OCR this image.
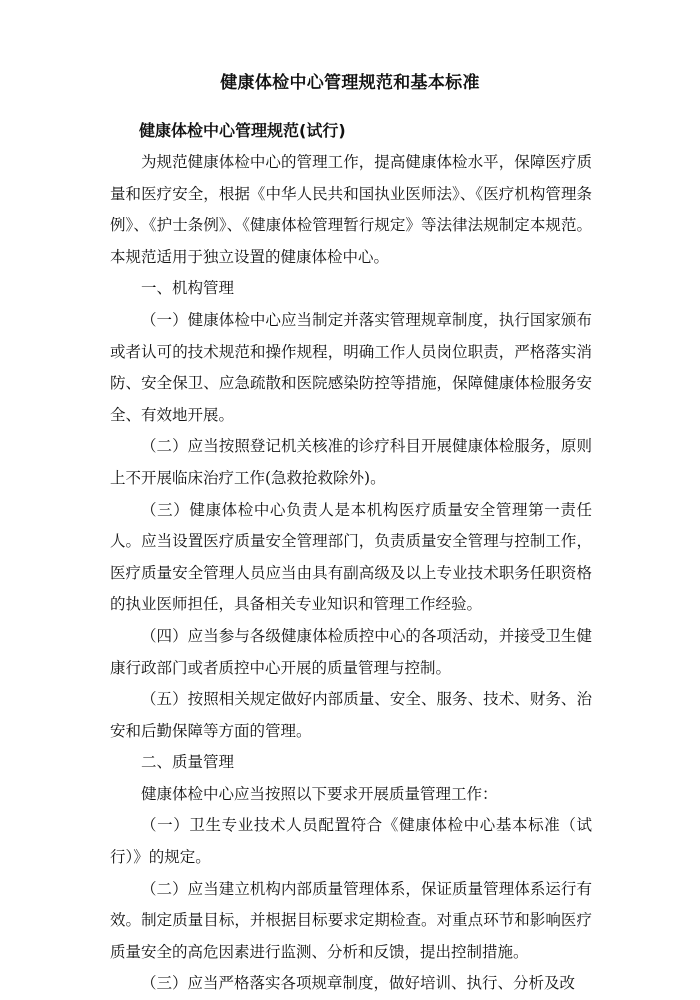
健康体检中心管理规范和基本标准
健康体检中心管理规范(试行)

为规范健康体检中心的管理工作，提高健康体检水平，保障医疗质量和医疗安全，根据《中华人民共和国执业医师法》、《医疗机构管理条例》、《护士条例》、《健康体检管理暂行规定》等法律法规制定本规范。本规范适用于独立设置的健康体检中心。

一、机构管理

（一）健康体检中心应当制定并落实管理规章制度，执行国家颁布或者认可的技术规范和操作规程，明确工作人员岗位职责，严格落实消防、安全保卫、应急疏散和医院感染防控等措施，保障健康体检服务安全、有效地开展。

（二）应当按照登记机关核准的诊疗科目开展健康体检服务，原则上不开展临床治疗工作(急救抢救除外)。

（三）健康体检中心负责人是本机构医疗质量安全管理第一责任人。应当设置医疗质量安全管理部门，负责质量安全管理与控制工作，医疗质量安全管理人员应当由具有副高级及以上专业技术职务任职资格的执业医师担任，具备相关专业知识和管理工作经验。

（四）应当参与各级健康体检质控中心的各项活动，并接受卫生健康行政部门或者质控中心开展的质量管理与控制。

（五）按照相关规定做好内部质量、安全、服务、技术、财务、治安和后勤保障等方面的管理。

二、质量管理

健康体检中心应当按照以下要求开展质量管理工作：

（一）卫生专业技术人员配置符合《健康体检中心基本标准（试行）》的规定。

（二）应当建立机构内部质量管理体系，保证质量管理体系运行有效。制定质量目标，并根据目标要求定期检查。对重点环节和影响医疗质量安全的高危因素进行监测、分析和反馈，提出控制措施。

（三）应当严格落实各项规章制度，做好培训、执行、分析及改
